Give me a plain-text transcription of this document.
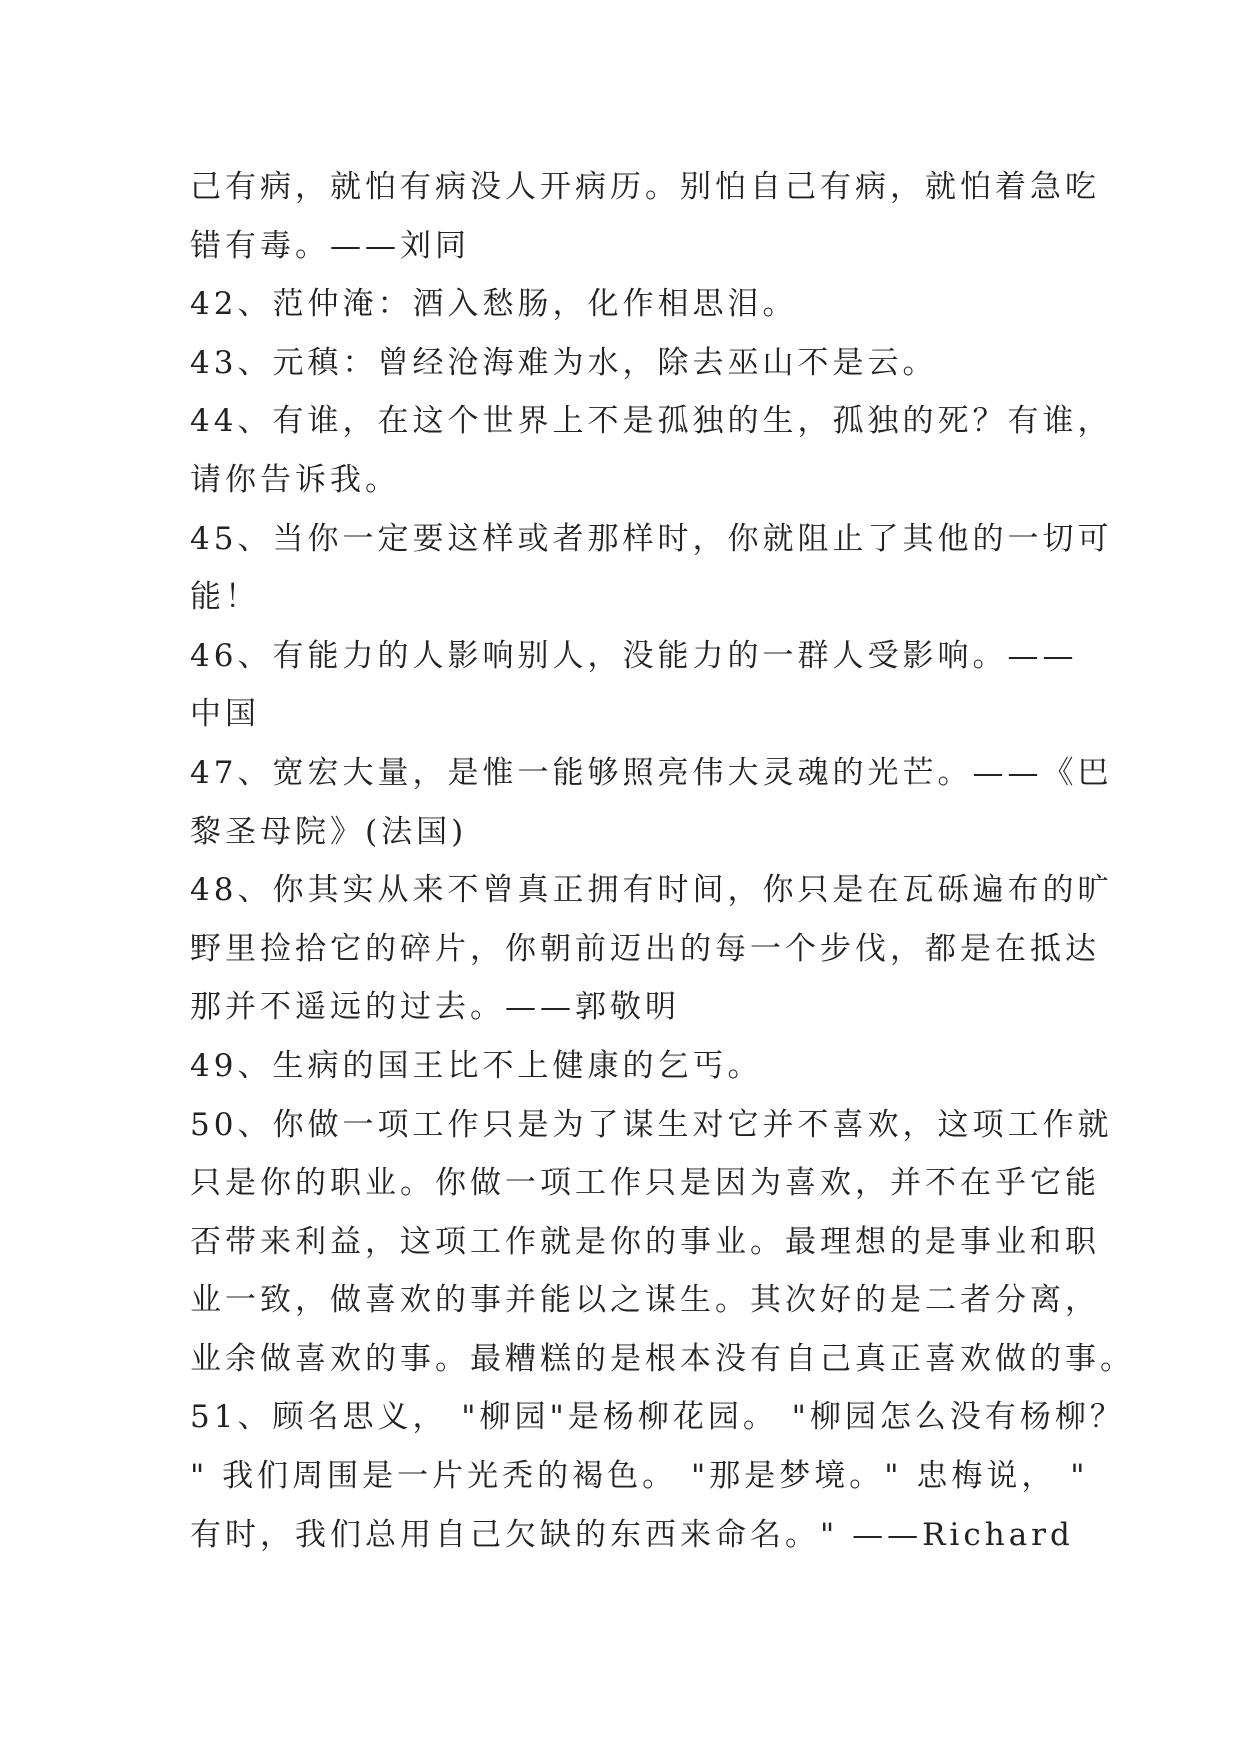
己有病，就怕有病没人开病历。别怕自己有病，就怕着急吃
错有毒。——刘同
42、范仲淹：酒入愁肠，化作相思泪。
43、元稹：曾经沧海难为水，除去巫山不是云。
44、有谁，在这个世界上不是孤独的生，孤独的死？有谁，
请你告诉我。
45、当你一定要这样或者那样时，你就阻止了其他的一切可
能！
46、有能力的人影响别人，没能力的一群人受影响。——
中国
47、宽宏大量，是惟一能够照亮伟大灵魂的光芒。——《巴
黎圣母院》(法国)
48、你其实从来不曾真正拥有时间，你只是在瓦砾遍布的旷
野里捡拾它的碎片，你朝前迈出的每一个步伐，都是在抵达
那并不遥远的过去。——郭敬明
49、生病的国王比不上健康的乞丐。
50、你做一项工作只是为了谋生对它并不喜欢，这项工作就
只是你的职业。你做一项工作只是因为喜欢，并不在乎它能
否带来利益，这项工作就是你的事业。最理想的是事业和职
业一致，做喜欢的事并能以之谋生。其次好的是二者分离，
业余做喜欢的事。最糟糕的是根本没有自己真正喜欢做的事。
51、顾名思义， "柳园"是杨柳花园。 "柳园怎么没有杨柳？
" 我们周围是一片光秃的褐色。 "那是梦境。" 忠梅说， "
有时，我们总用自己欠缺的东西来命名。" ——Richard
